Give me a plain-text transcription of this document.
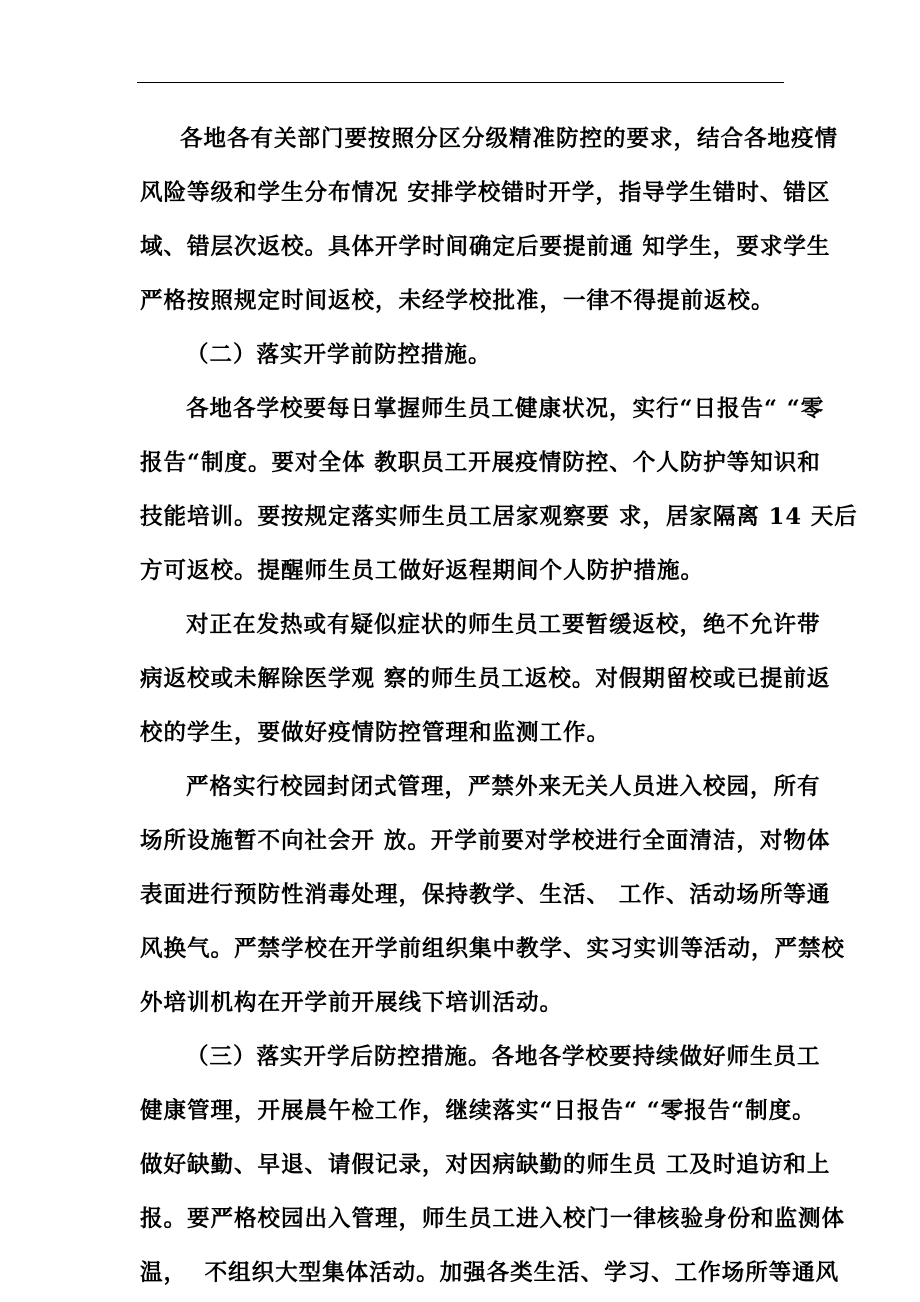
各地各有关部门要按照分区分级精准防控的要求，结合各地疫情
风险等级和学生分布情况 安排学校错时开学，指导学生错时、错区
域、错层次返校。具体开学时间确定后要提前通 知学生，要求学生
严格按照规定时间返校，未经学校批准，一律不得提前返校。
（二）落实开学前防控措施。
各地各学校要每日掌握师生员工健康状况，实行“日报告“ “零
报告“制度。要对全体 教职员工开展疫情防控、个人防护等知识和
技能培训。要按规定落实师生员工居家观察要 求，居家隔离 14 天后
方可返校。提醒师生员工做好返程期间个人防护措施。
对正在发热或有疑似症状的师生员工要暂缓返校，绝不允许带
病返校或未解除医学观 察的师生员工返校。对假期留校或已提前返
校的学生，要做好疫情防控管理和监测工作。
严格实行校园封闭式管理，严禁外来无关人员进入校园，所有
场所设施暂不向社会开 放。开学前要对学校进行全面清洁，对物体
表面进行预防性消毒处理，保持教学、生活、 工作、活动场所等通
风换气。严禁学校在开学前组织集中教学、实习实训等活动，严禁校
外培训机构在开学前开展线下培训活动。
（三）落实开学后防控措施。各地各学校要持续做好师生员工
健康管理，开展晨午检工作，继续落实“日报告“ “零报告“制度。
做好缺勤、早退、请假记录，对因病缺勤的师生员 工及时追访和上
报。要严格校园出入管理，师生员工进入校门一律核验身份和监测体
温，  不组织大型集体活动。加强各类生活、学习、工作场所等通风
